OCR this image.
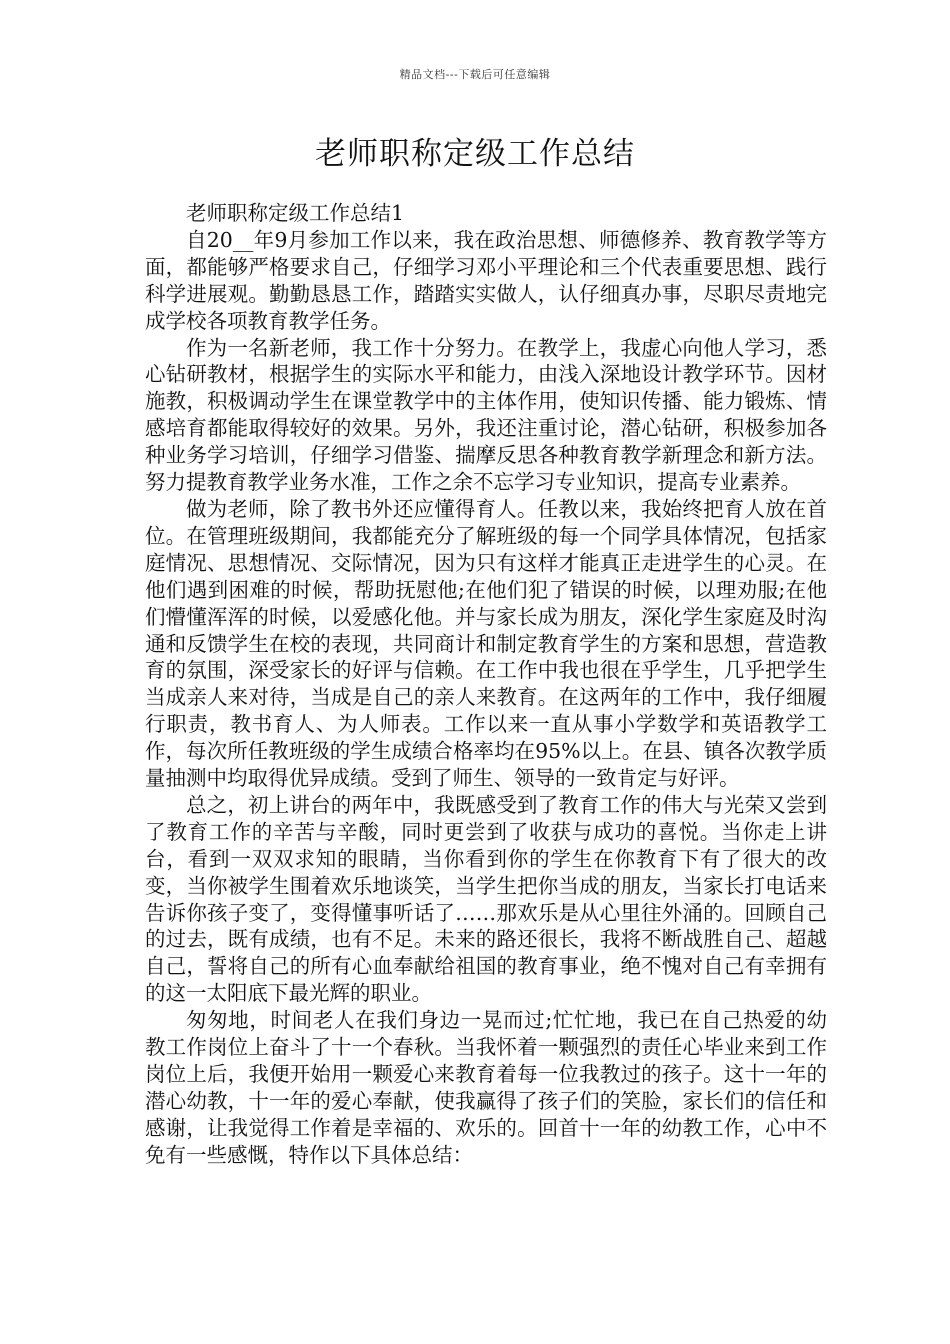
精品文档---下载后可任意编辑
老师职称定级工作总结

老师职称定级工作总结1

自20__年9月参加工作以来，我在政治思想、师德修养、教育教学等方面，都能够严格要求自己，仔细学习邓小平理论和三个代表重要思想、践行科学进展观。勤勤恳恳工作，踏踏实实做人，认仔细真办事，尽职尽责地完成学校各项教育教学任务。

作为一名新老师，我工作十分努力。在教学上，我虚心向他人学习，悉心钻研教材，根据学生的实际水平和能力，由浅入深地设计教学环节。因材施教，积极调动学生在课堂教学中的主体作用，使知识传播、能力锻炼、情感培育都能取得较好的效果。另外，我还注重讨论，潜心钻研，积极参加各种业务学习培训，仔细学习借鉴、揣摩反思各种教育教学新理念和新方法。努力提教育教学业务水准，工作之余不忘学习专业知识，提高专业素养。

做为老师，除了教书外还应懂得育人。任教以来，我始终把育人放在首位。在管理班级期间，我都能充分了解班级的每一个同学具体情况，包括家庭情况、思想情况、交际情况，因为只有这样才能真正走进学生的心灵。在他们遇到困难的时候，帮助抚慰他;在他们犯了错误的时候，以理劝服;在他们懵懂浑浑的时候，以爱感化他。并与家长成为朋友，深化学生家庭及时沟通和反馈学生在校的表现，共同商计和制定教育学生的方案和思想，营造教育的氛围，深受家长的好评与信赖。在工作中我也很在乎学生，几乎把学生当成亲人来对待，当成是自己的亲人来教育。在这两年的工作中，我仔细履行职责，教书育人、为人师表。工作以来一直从事小学数学和英语教学工作，每次所任教班级的学生成绩合格率均在95%以上。在县、镇各次教学质量抽测中均取得优异成绩。受到了师生、领导的一致肯定与好评。

总之，初上讲台的两年中，我既感受到了教育工作的伟大与光荣又尝到了教育工作的辛苦与辛酸，同时更尝到了收获与成功的喜悦。当你走上讲台，看到一双双求知的眼睛，当你看到你的学生在你教育下有了很大的改变，当你被学生围着欢乐地谈笑，当学生把你当成的朋友，当家长打电话来告诉你孩子变了，变得懂事听话了……那欢乐是从心里往外涌的。回顾自己的过去，既有成绩，也有不足。未来的路还很长，我将不断战胜自己、超越自己，誓将自己的所有心血奉献给祖国的教育事业，绝不愧对自己有幸拥有的这一太阳底下最光辉的职业。

匆匆地，时间老人在我们身边一晃而过;忙忙地，我已在自己热爱的幼教工作岗位上奋斗了十一个春秋。当我怀着一颗强烈的责任心毕业来到工作岗位上后，我便开始用一颗爱心来教育着每一位我教过的孩子。这十一年的潜心幼教，十一年的爱心奉献，使我赢得了孩子们的笑脸，家长们的信任和感谢，让我觉得工作着是幸福的、欢乐的。回首十一年的幼教工作，心中不免有一些感慨，特作以下具体总结：
